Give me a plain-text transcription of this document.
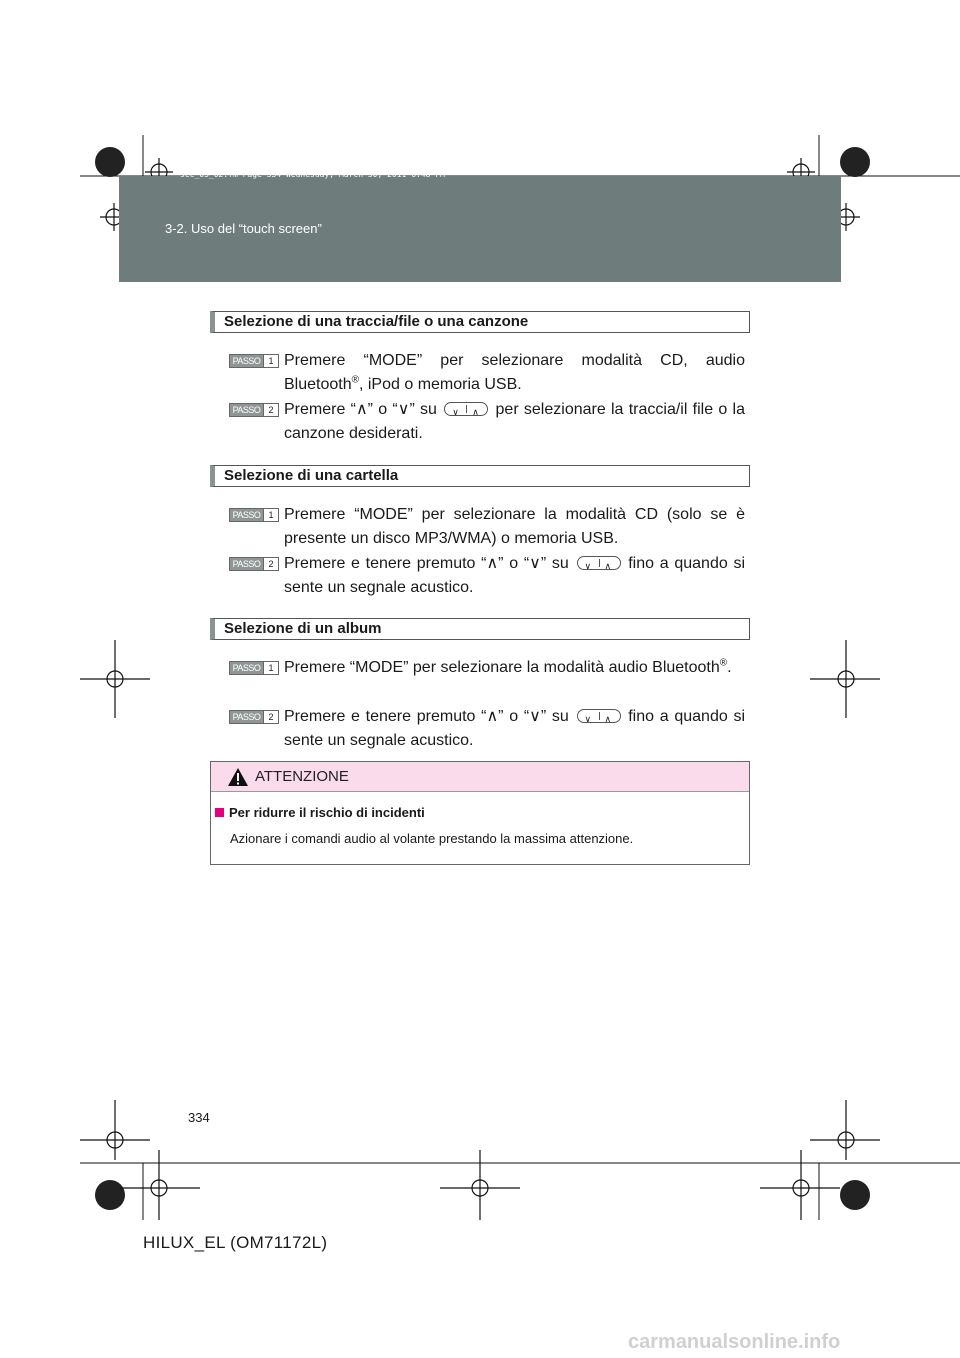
sec_03_02.fm Page 334 Wednesday, March 30, 2011 6:48 PM
3-2. Uso del “touch screen”
Selezione di una traccia/file o una canzone
PASSO 1 Premere “MODE” per selezionare modalità CD, audio Bluetooth®, iPod o memoria USB.
PASSO 2 Premere “∧” o “∨” su ∨ ∧ per selezionare la traccia/il file o la canzone desiderati.
Selezione di una cartella
PASSO 1 Premere “MODE” per selezionare la modalità CD (solo se è presente un disco MP3/WMA) o memoria USB.
PASSO 2 Premere e tenere premuto “∧” o “∨” su ∨ ∧ fino a quando si sente un segnale acustico.
Selezione di un album
PASSO 1 Premere “MODE” per selezionare la modalità audio Bluetooth®.
PASSO 2 Premere e tenere premuto “∧” o “∨” su ∨ ∧ fino a quando si sente un segnale acustico.
ATTENZIONE
Per ridurre il rischio di incidenti
Azionare i comandi audio al volante prestando la massima attenzione.
334
HILUX_EL (OM71172L)
carmanualsonline.info
